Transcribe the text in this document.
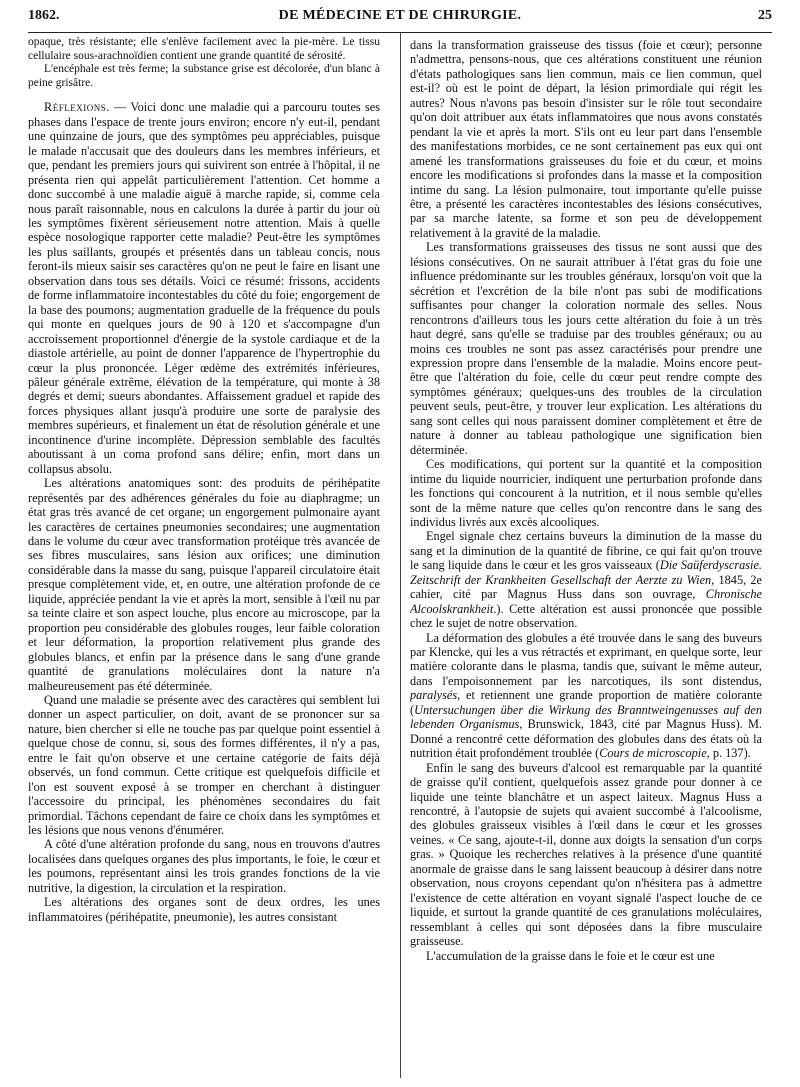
1862.	DE MÉDECINE ET DE CHIRURGIE.	25

opaque, très résistante; elle s'enlève facilement avec la pie-mère. Le tissu cellulaire sous-arachnoïdien contient une grande quantité de sérosité.

L'encéphale est très ferme; la substance grise est décolorée, d'un blanc à peine grisâtre.

Réflexions. — Voici donc une maladie qui a parcouru toutes ses phases dans l'espace de trente jours environ; encore n'y eut-il, pendant une quinzaine de jours, que des symptômes peu appréciables, puisque le malade n'accusait que des douleurs dans les membres inférieurs, et que, pendant les premiers jours qui suivirent son entrée à l'hôpital, il ne présenta rien qui appelât particulièrement l'attention. Cet homme a donc succombé à une maladie aiguë à marche rapide, si, comme cela nous paraît raisonnable, nous en calculons la durée à partir du jour où les symptômes fixèrent sérieusement notre attention. Mais à quelle espèce nosologique rapporter cette maladie? Peut-être les symptômes les plus saillants, groupés et présentés dans un tableau concis, nous feront-ils mieux saisir ses caractères qu'on ne peut le faire en lisant une observation dans tous ses détails. Voici ce résumé: frissons, accidents de forme inflammatoire incontestables du côté du foie; engorgement de la base des poumons; augmentation graduelle de la fréquence du pouls qui monte en quelques jours de 90 à 120 et s'accompagne d'un accroissement proportionnel d'énergie de la systole cardiaque et de la diastole artérielle, au point de donner l'apparence de l'hypertrophie du cœur la plus prononcée. Léger œdème des extrémités inférieures, pâleur générale extrême, élévation de la température, qui monte à 38 degrés et demi; sueurs abondantes. Affaissement graduel et rapide des forces physiques allant jusqu'à produire une sorte de paralysie des membres supérieurs, et finalement un état de résolution générale et une incontinence d'urine incomplète. Dépression semblable des facultés aboutissant à un coma profond sans délire; enfin, mort dans un collapsus absolu.

Les altérations anatomiques sont: des produits de périhépatite représentés par des adhérences générales du foie au diaphragme; un état gras très avancé de cet organe; un engorgement pulmonaire ayant les caractères de certaines pneumonies secondaires; une augmentation dans le volume du cœur avec transformation protéique très avancée de ses fibres musculaires, sans lésion aux orifices; une diminution considérable dans la masse du sang, puisque l'appareil circulatoire était presque complètement vide, et, en outre, une altération profonde de ce liquide, appréciée pendant la vie et après la mort, sensible à l'œil nu par sa teinte claire et son aspect louche, plus encore au microscope, par la proportion peu considérable des globules rouges, leur faible coloration et leur déformation, la proportion relativement plus grande des globules blancs, et enfin par la présence dans le sang d'une grande quantité de granulations moléculaires dont la nature n'a malheureusement pas été déterminée.

Quand une maladie se présente avec des caractères qui semblent lui donner un aspect particulier, on doit, avant de se prononcer sur sa nature, bien chercher si elle ne touche pas par quelque point essentiel à quelque chose de connu, si, sous des formes différentes, il n'y a pas, entre le fait qu'on observe et une certaine catégorie de faits déjà observés, un fond commun. Cette critique est quelquefois difficile et l'on est souvent exposé à se tromper en cherchant à distinguer l'accessoire du principal, les phénomènes secondaires du fait primordial. Tâchons cependant de faire ce choix dans les symptômes et les lésions que nous venons d'énumérer.

A côté d'une altération profonde du sang, nous en trouvons d'autres localisées dans quelques organes des plus importants, le foie, le cœur et les poumons, représentant ainsi les trois grandes fonctions de la vie nutritive, la digestion, la circulation et la respiration.

Les altérations des organes sont de deux ordres, les unes inflammatoires (périhépatite, pneumonie), les autres consistant

dans la transformation graisseuse des tissus (foie et cœur); personne n'admettra, pensons-nous, que ces altérations constituent une réunion d'états pathologiques sans lien commun, mais ce lien commun, quel est-il? où est le point de départ, la lésion primordiale qui régit les autres? Nous n'avons pas besoin d'insister sur le rôle tout secondaire qu'on doit attribuer aux états inflammatoires que nous avons constatés pendant la vie et après la mort. S'ils ont eu leur part dans l'ensemble des manifestations morbides, ce ne sont certainement pas eux qui ont amené les transformations graisseuses du foie et du cœur, et moins encore les modifications si profondes dans la masse et la composition intime du sang. La lésion pulmonaire, tout importante qu'elle puisse être, a présenté les caractères incontestables des lésions consécutives, par sa marche latente, sa forme et son peu de développement relativement à la gravité de la maladie.

Les transformations graisseuses des tissus ne sont aussi que des lésions consécutives. On ne saurait attribuer à l'état gras du foie une influence prédominante sur les troubles généraux, lorsqu'on voit que la sécrétion et l'excrétion de la bile n'ont pas subi de modifications suffisantes pour changer la coloration normale des selles. Nous rencontrons d'ailleurs tous les jours cette altération du foie à un très haut degré, sans qu'elle se traduise par des troubles généraux; ou au moins ces troubles ne sont pas assez caractérisés pour prendre une expression propre dans l'ensemble de la maladie. Moins encore peut-être que l'altération du foie, celle du cœur peut rendre compte des symptômes généraux; quelques-uns des troubles de la circulation peuvent seuls, peut-être, y trouver leur explication. Les altérations du sang sont celles qui nous paraissent dominer complètement et être de nature à donner au tableau pathologique une signification bien déterminée.

Ces modifications, qui portent sur la quantité et la composition intime du liquide nourricier, indiquent une perturbation profonde dans les fonctions qui concourent à la nutrition, et il nous semble qu'elles sont de la même nature que celles qu'on rencontre dans le sang des individus livrés aux excès alcooliques.

Engel signale chez certains buveurs la diminution de la masse du sang et la diminution de la quantité de fibrine, ce qui fait qu'on trouve le sang liquide dans le cœur et les gros vaisseaux (Die Saüferdyscrasie. Zeitschrift der Krankheiten Gesellschaft der Aerzte zu Wien, 1845, 2e cahier, cité par Magnus Huss dans son ouvrage, Chronische Alcoolskrankheit.). Cette altération est aussi prononcée que possible chez le sujet de notre observation.

La déformation des globules a été trouvée dans le sang des buveurs par Klencke, qui les a vus rétractés et exprimant, en quelque sorte, leur matière colorante dans le plasma, tandis que, suivant le même auteur, dans l'empoisonnement par les narcotiques, ils sont distendus, paralysés, et retiennent une grande proportion de matière colorante (Untersuchungen über die Wirkung des Branntweingenusses auf den lebenden Organismus, Brunswick, 1843, cité par Magnus Huss). M. Donné a rencontré cette déformation des globules dans des états où la nutrition était profondément troublée (Cours de microscopie, p. 137).

Enfin le sang des buveurs d'alcool est remarquable par la quantité de graisse qu'il contient, quelquefois assez grande pour donner à ce liquide une teinte blanchâtre et un aspect laiteux. Magnus Huss a rencontré, à l'autopsie de sujets qui avaient succombé à l'alcoolisme, des globules graisseux visibles à l'œil dans le cœur et les grosses veines. « Ce sang, ajoute-t-il, donne aux doigts la sensation d'un corps gras. » Quoique les recherches relatives à la présence d'une quantité anormale de graisse dans le sang laissent beaucoup à désirer dans notre observation, nous croyons cependant qu'on n'hésitera pas à admettre l'existence de cette altération en voyant signalé l'aspect louche de ce liquide, et surtout la grande quantité de ces granulations moléculaires, ressemblant à celles qui sont déposées dans la fibre musculaire graisseuse.

L'accumulation de la graisse dans le foie et le cœur est une
